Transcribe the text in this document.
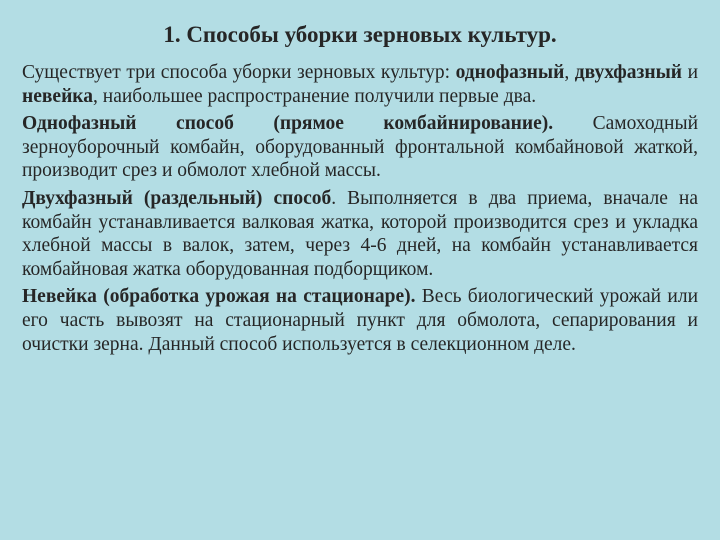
1. Способы уборки зерновых культур.

Существует три способа уборки зерновых культур: однофазный, двухфазный и невейка, наибольшее распространение получили первые два.

Однофазный способ (прямое комбайнирование). Самоходный зерноуборочный комбайн, оборудованный фронтальной комбайновой жаткой, производит срез и обмолот хлебной массы.

Двухфазный (раздельный) способ. Выполняется в два приема, вначале на комбайн устанавливается валковая жатка, которой производится срез и укладка хлебной массы в валок, затем, через 4-6 дней, на комбайн устанавливается комбайновая жатка оборудованная подборщиком.

Невейка (обработка урожая на стационаре). Весь биологический урожай или его часть вывозят на стационарный пункт для обмолота, сепарирования и очистки зерна. Данный способ используется в селекционном деле.
